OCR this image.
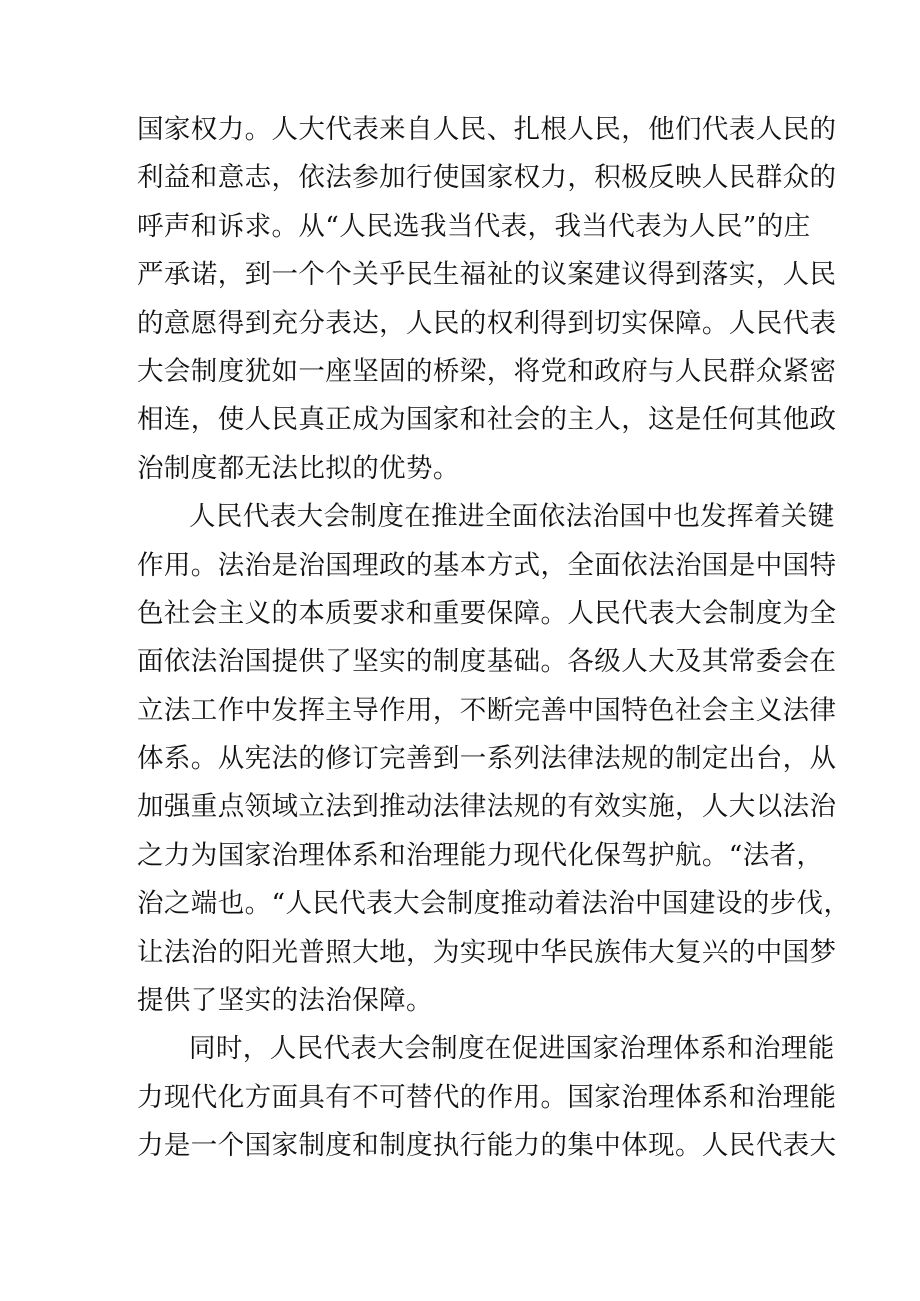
国家权力。人大代表来自人民、扎根人民，他们代表人民的
利益和意志，依法参加行使国家权力，积极反映人民群众的
呼声和诉求。从“人民选我当代表，我当代表为人民”的庄
严承诺，到一个个关乎民生福祉的议案建议得到落实，人民
的意愿得到充分表达，人民的权利得到切实保障。人民代表
大会制度犹如一座坚固的桥梁，将党和政府与人民群众紧密
相连，使人民真正成为国家和社会的主人，这是任何其他政
治制度都无法比拟的优势。
人民代表大会制度在推进全面依法治国中也发挥着关键
作用。法治是治国理政的基本方式，全面依法治国是中国特
色社会主义的本质要求和重要保障。人民代表大会制度为全
面依法治国提供了坚实的制度基础。各级人大及其常委会在
立法工作中发挥主导作用，不断完善中国特色社会主义法律
体系。从宪法的修订完善到一系列法律法规的制定出台，从
加强重点领域立法到推动法律法规的有效实施，人大以法治
之力为国家治理体系和治理能力现代化保驾护航。“法者，
治之端也。“人民代表大会制度推动着法治中国建设的步伐，
让法治的阳光普照大地，为实现中华民族伟大复兴的中国梦
提供了坚实的法治保障。
同时，人民代表大会制度在促进国家治理体系和治理能
力现代化方面具有不可替代的作用。国家治理体系和治理能
力是一个国家制度和制度执行能力的集中体现。人民代表大
